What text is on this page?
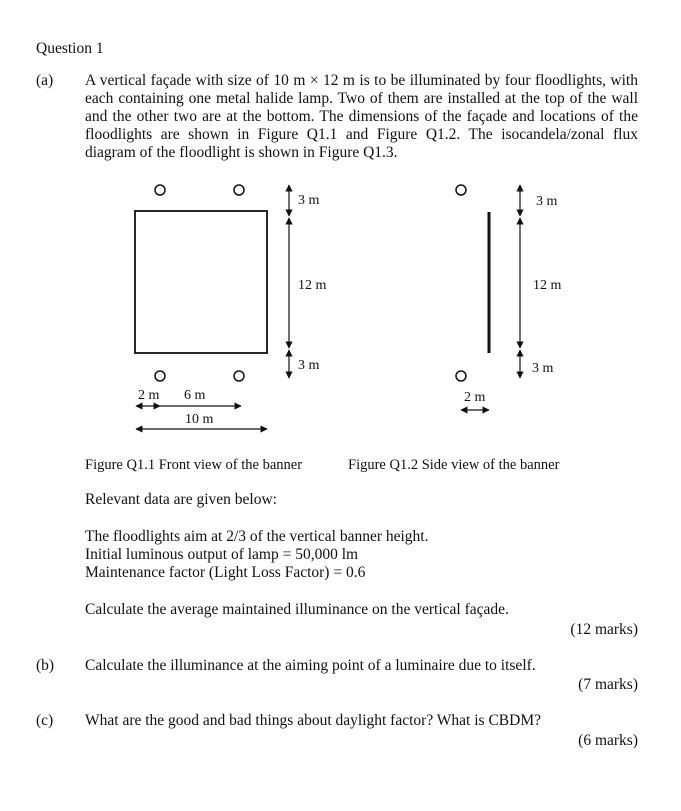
Question 1
(a) A vertical façade with size of 10 m × 12 m is to be illuminated by four floodlights, with each containing one metal halide lamp. Two of them are installed at the top of the wall and the other two are at the bottom. The dimensions of the façade and locations of the floodlights are shown in Figure Q1.1 and Figure Q1.2. The isocandela/zonal flux diagram of the floodlight is shown in Figure Q1.3.
3 m
12 m
3 m
2 m 6 m
10 m
3 m
12 m
3 m
2 m
Figure Q1.1 Front view of the banner	Figure Q1.2 Side view of the banner
Relevant data are given below:
The floodlights aim at 2/3 of the vertical banner height.
Initial luminous output of lamp = 50,000 lm
Maintenance factor (Light Loss Factor) = 0.6
Calculate the average maintained illuminance on the vertical façade.
(12 marks)
(b) Calculate the illuminance at the aiming point of a luminaire due to itself.
(7 marks)
(c) What are the good and bad things about daylight factor? What is CBDM?
(6 marks)
